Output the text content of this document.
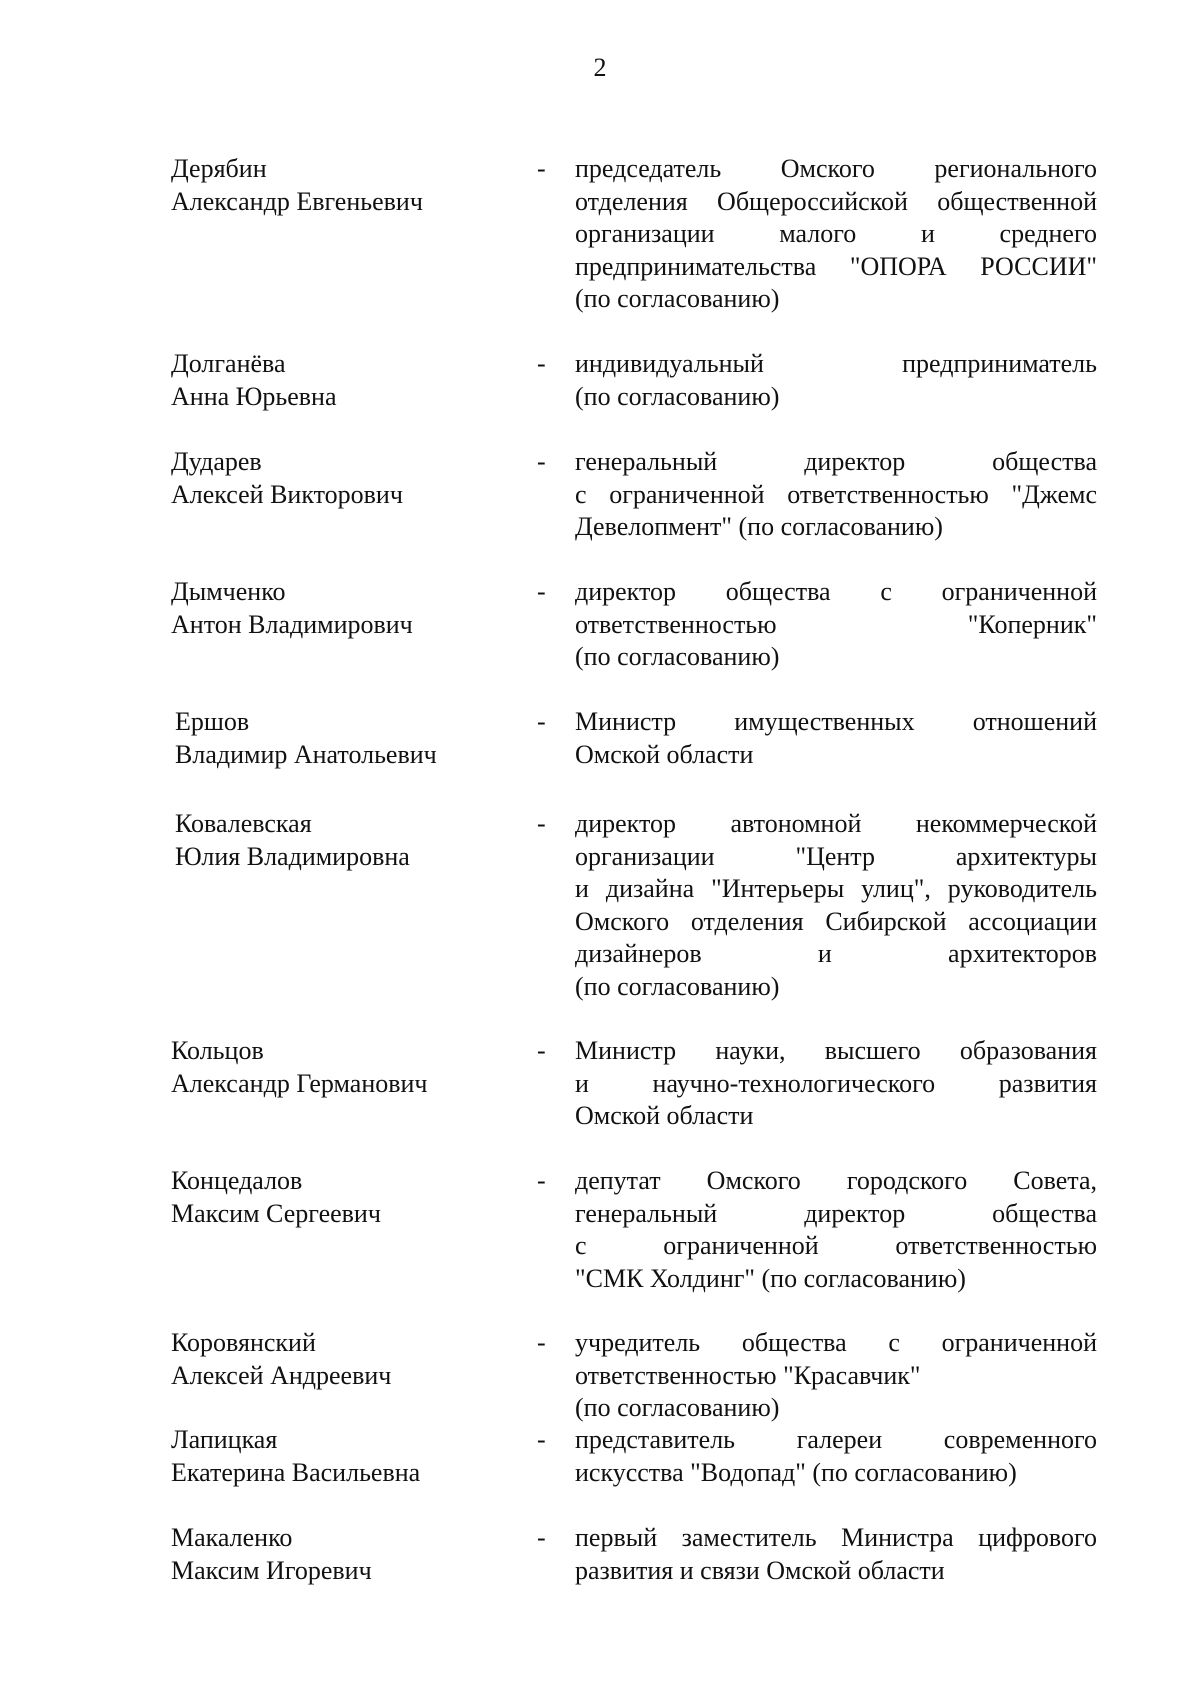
2
Дерябин
Александр Евгеньевич
- председатель Омского регионального
отделения Общероссийской общественной
организации малого и среднего
предпринимательства "ОПОРА РОССИИ"
(по согласованию)
Долганёва
Анна Юрьевна
- индивидуальный предприниматель
(по согласованию)
Дударев
Алексей Викторович
- генеральный директор общества
с ограниченной ответственностью "Джемс
Девелопмент" (по согласованию)
Дымченко
Антон Владимирович
- директор общества с ограниченной
ответственностью "Коперник"
(по согласованию)
Ершов
Владимир Анатольевич
- Министр имущественных отношений
Омской области
Ковалевская
Юлия Владимировна
- директор автономной некоммерческой
организации "Центр архитектуры
и дизайна "Интерьеры улиц", руководитель
Омского отделения Сибирской ассоциации
дизайнеров и архитекторов
(по согласованию)
Кольцов
Александр Германович
- Министр науки, высшего образования
и научно-технологического развития
Омской области
Концедалов
Максим Сергеевич
- депутат Омского городского Совета,
генеральный директор общества
с ограниченной ответственностью
"СМК Холдинг" (по согласованию)
Коровянский
Алексей Андреевич
- учредитель общества с ограниченной
ответственностью "Красавчик"
(по согласованию)
Лапицкая
Екатерина Васильевна
- представитель галереи современного
искусства "Водопад" (по согласованию)
Макаленко
Максим Игоревич
- первый заместитель Министра цифрового
развития и связи Омской области
